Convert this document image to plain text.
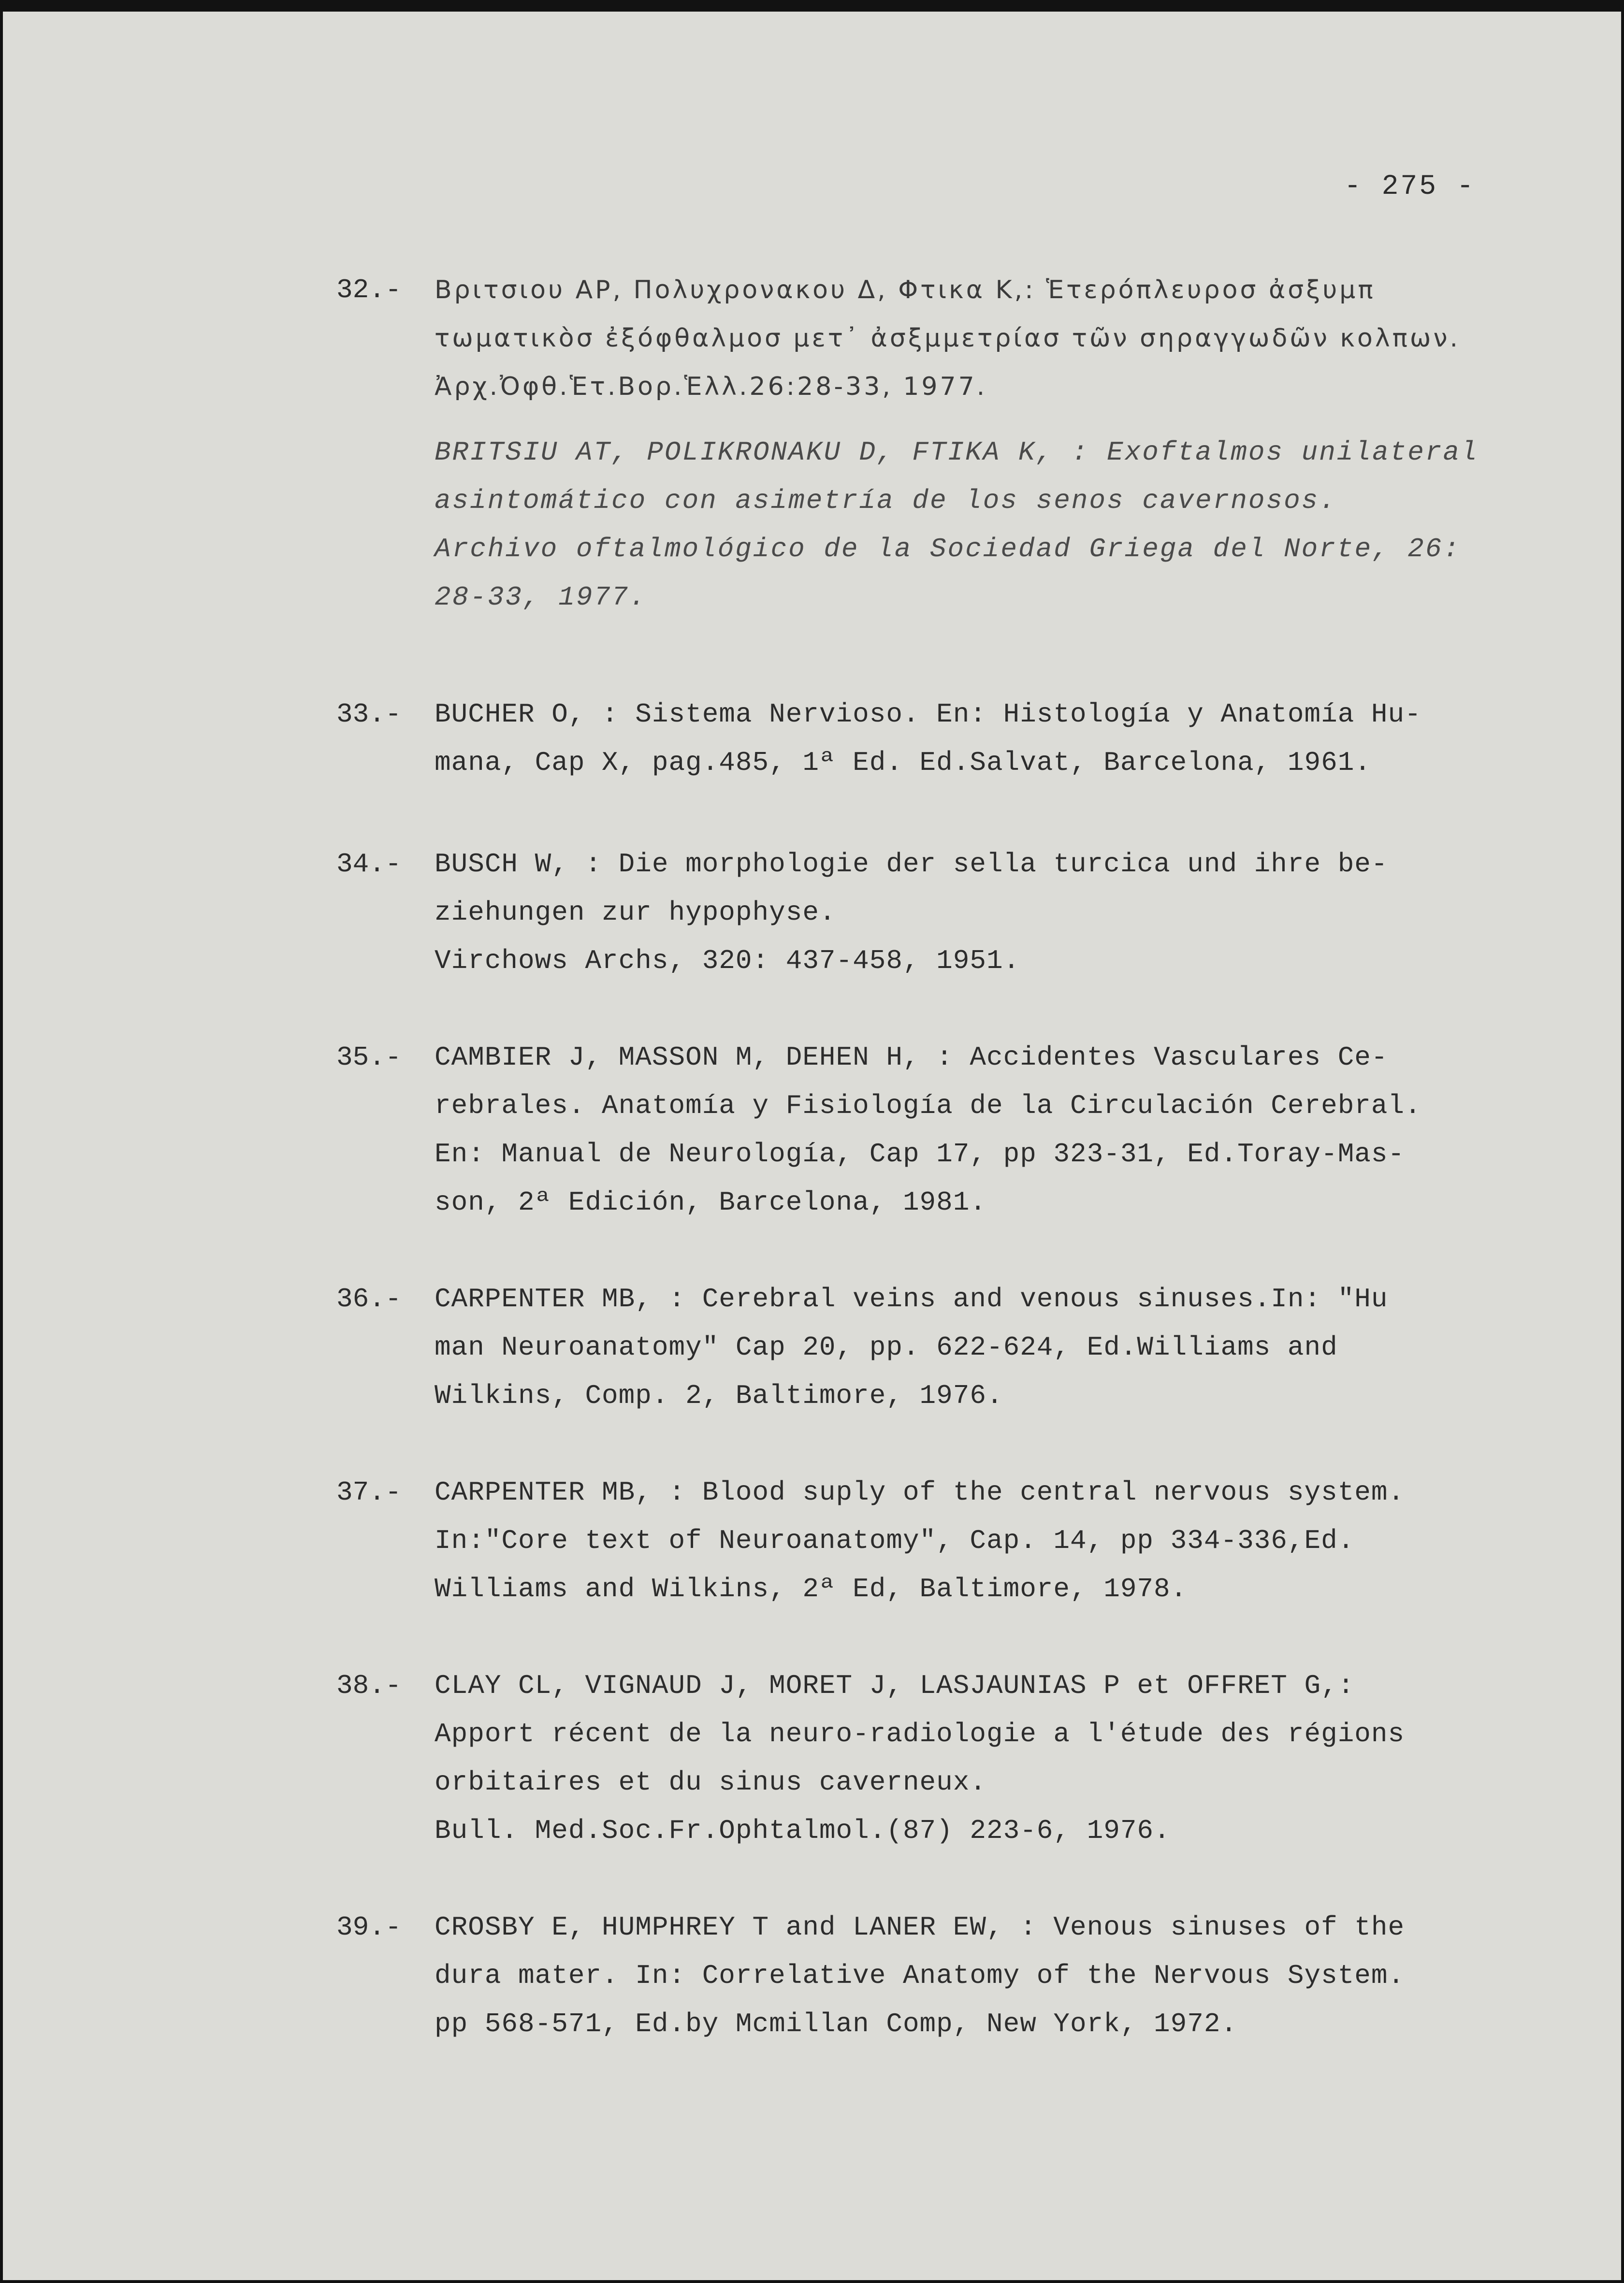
- 275 -
32.- Βριτσιου ΑΡ, Πολυχρονακου Δ, Φτικα Κ,: Ἑτερόπλευροσ ἀσξυμπ
τωματικὸσ ἐξόφθαλμοσ μετ᾽ ἀσξμμετρίασ τῶν σηραγγωδῶν κολπων.
Ἀρχ.Ὀφθ.Ἑτ.Βορ.Ἑλλ.26:28-33, 1977.
BRITSIU AT, POLIKRONAKU D, FTIKA K, : Exoftalmos unilateral
asintomático con asimetría de los senos cavernosos.
Archivo oftalmológico de la Sociedad Griega del Norte, 26:
28-33, 1977.
33.- BUCHER O, : Sistema Nervioso. En: Histología y Anatomía Hu-
mana, Cap X, pag.485, 1ª Ed. Ed.Salvat, Barcelona, 1961.
34.- BUSCH W, : Die morphologie der sella turcica und ihre be-
ziehungen zur hypophyse.
Virchows Archs, 320: 437-458, 1951.
35.- CAMBIER J, MASSON M, DEHEN H, : Accidentes Vasculares Ce-
rebrales. Anatomía y Fisiología de la Circulación Cerebral.
En: Manual de Neurología, Cap 17, pp 323-31, Ed.Toray-Mas-
son, 2ª Edición, Barcelona, 1981.
36.- CARPENTER MB, : Cerebral veins and venous sinuses.In: "Hu
man Neuroanatomy" Cap 20, pp. 622-624, Ed.Williams and
Wilkins, Comp. 2, Baltimore, 1976.
37.- CARPENTER MB, : Blood suply of the central nervous system.
In:"Core text of Neuroanatomy", Cap. 14, pp 334-336,Ed.
Williams and Wilkins, 2ª Ed, Baltimore, 1978.
38.- CLAY CL, VIGNAUD J, MORET J, LASJAUNIAS P et OFFRET G,:
Apport récent de la neuro-radiologie a l'étude des régions
orbitaires et du sinus caverneux.
Bull. Med.Soc.Fr.Ophtalmol.(87) 223-6, 1976.
39.- CROSBY E, HUMPHREY T and LANER EW, : Venous sinuses of the
dura mater. In: Correlative Anatomy of the Nervous System.
pp 568-571, Ed.by Mcmillan Comp, New York, 1972.
